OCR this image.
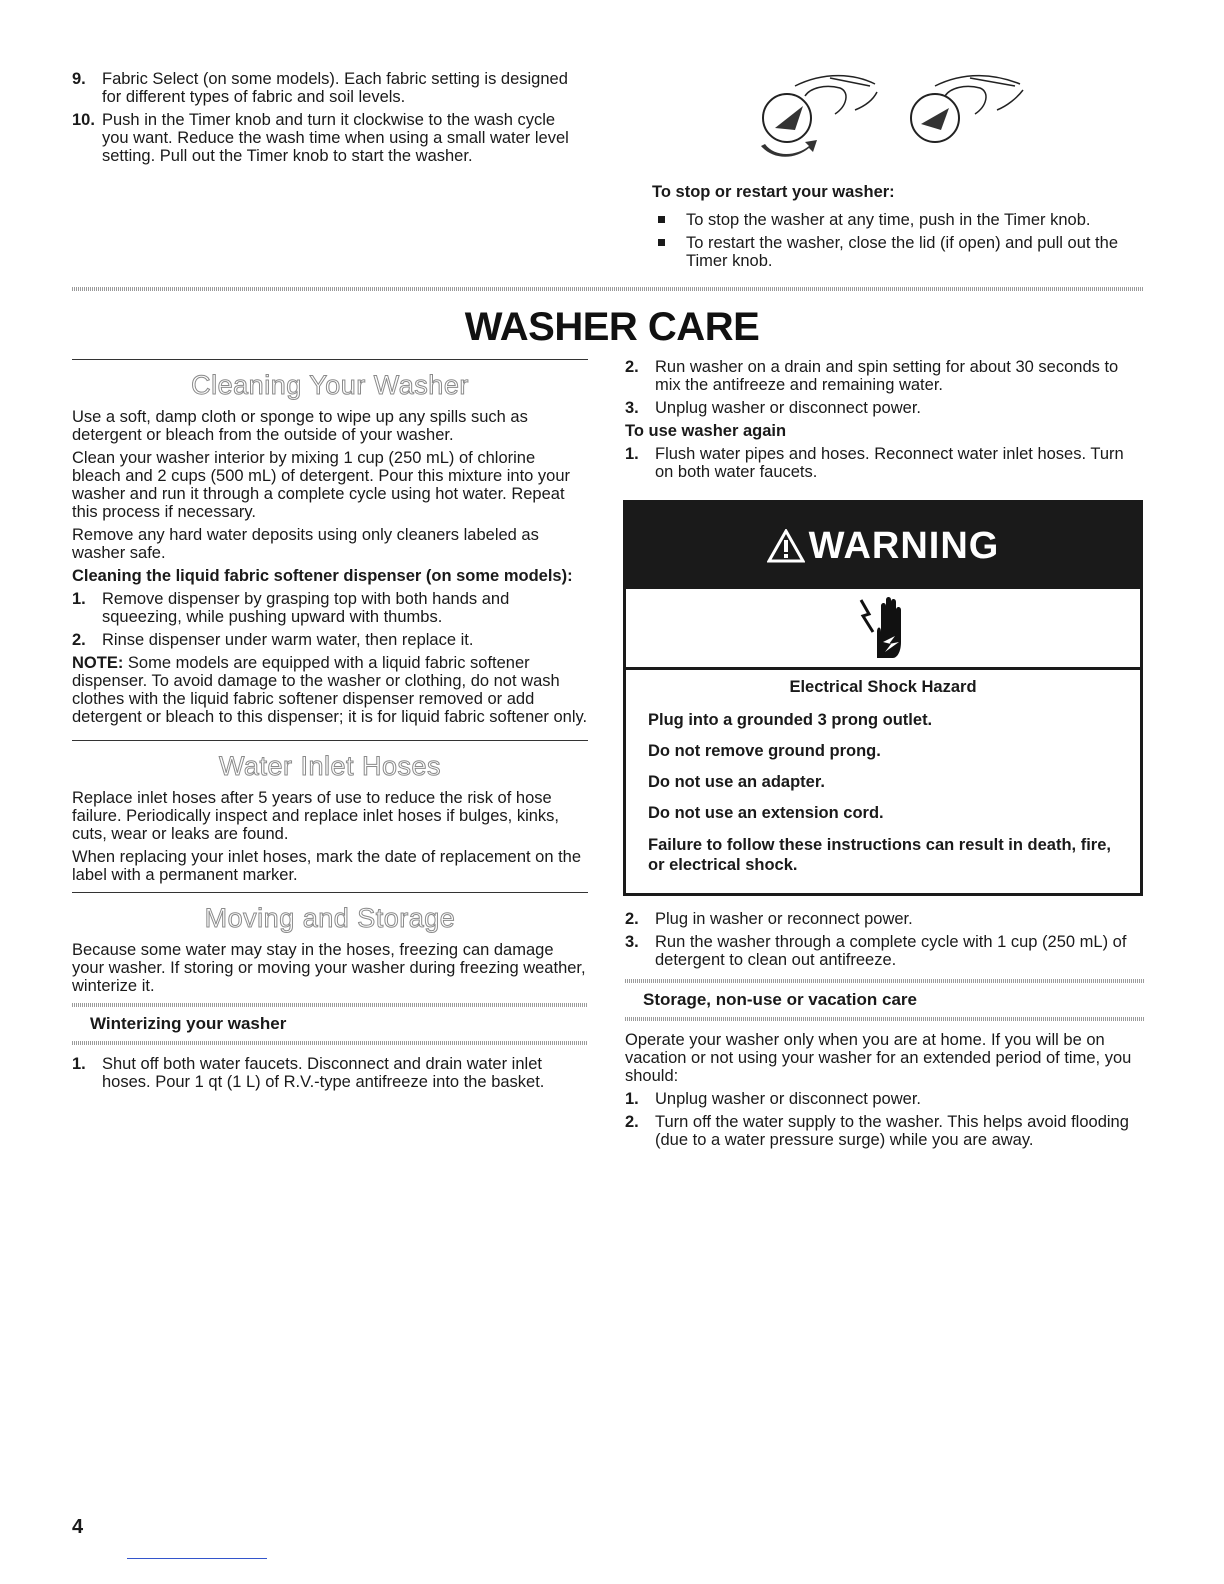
9. Fabric Select (on some models). Each fabric setting is designed for different types of fabric and soil levels.
10. Push in the Timer knob and turn it clockwise to the wash cycle you want. Reduce the wash time when using a small water level setting. Pull out the Timer knob to start the washer.
To stop or restart your washer:
To stop the washer at any time, push in the Timer knob.
To restart the washer, close the lid (if open) and pull out the Timer knob.
WASHER CARE
Cleaning Your Washer

Use a soft, damp cloth or sponge to wipe up any spills such as detergent or bleach from the outside of your washer.

Clean your washer interior by mixing 1 cup (250 mL) of chlorine bleach and 2 cups (500 mL) of detergent. Pour this mixture into your washer and run it through a complete cycle using hot water. Repeat this process if necessary.

Remove any hard water deposits using only cleaners labeled as washer safe.

Cleaning the liquid fabric softener dispenser (on some models):

1. Remove dispenser by grasping top with both hands and squeezing, while pushing upward with thumbs.
2. Rinse dispenser under warm water, then replace it.

NOTE: Some models are equipped with a liquid fabric softener dispenser. To avoid damage to the washer or clothing, do not wash clothes with the liquid fabric softener dispenser removed or add detergent or bleach to this dispenser; it is for liquid fabric softener only.

Water Inlet Hoses

Replace inlet hoses after 5 years of use to reduce the risk of hose failure. Periodically inspect and replace inlet hoses if bulges, kinks, cuts, wear or leaks are found.

When replacing your inlet hoses, mark the date of replacement on the label with a permanent marker.

Moving and Storage

Because some water may stay in the hoses, freezing can damage your washer. If storing or moving your washer during freezing weather, winterize it.

Winterizing your washer
1. Shut off both water faucets. Disconnect and drain water inlet hoses. Pour 1 qt (1 L) of R.V.-type antifreeze into the basket.
2. Run washer on a drain and spin setting for about 30 seconds to mix the antifreeze and remaining water.
3. Unplug washer or disconnect power.

To use washer again

1. Flush water pipes and hoses. Reconnect water inlet hoses. Turn on both water faucets.
WARNING

Electrical Shock Hazard

Plug into a grounded 3 prong outlet.

Do not remove ground prong.

Do not use an adapter.

Do not use an extension cord.

Failure to follow these instructions can result in death, fire, or electrical shock.

2. Plug in washer or reconnect power.
3. Run the washer through a complete cycle with 1 cup (250 mL) of detergent to clean out antifreeze.
Storage, non-use or vacation care

Operate your washer only when you are at home. If you will be on vacation or not using your washer for an extended period of time, you should:

1. Unplug washer or disconnect power.
2. Turn off the water supply to the washer. This helps avoid flooding (due to a water pressure surge) while you are away.
4
